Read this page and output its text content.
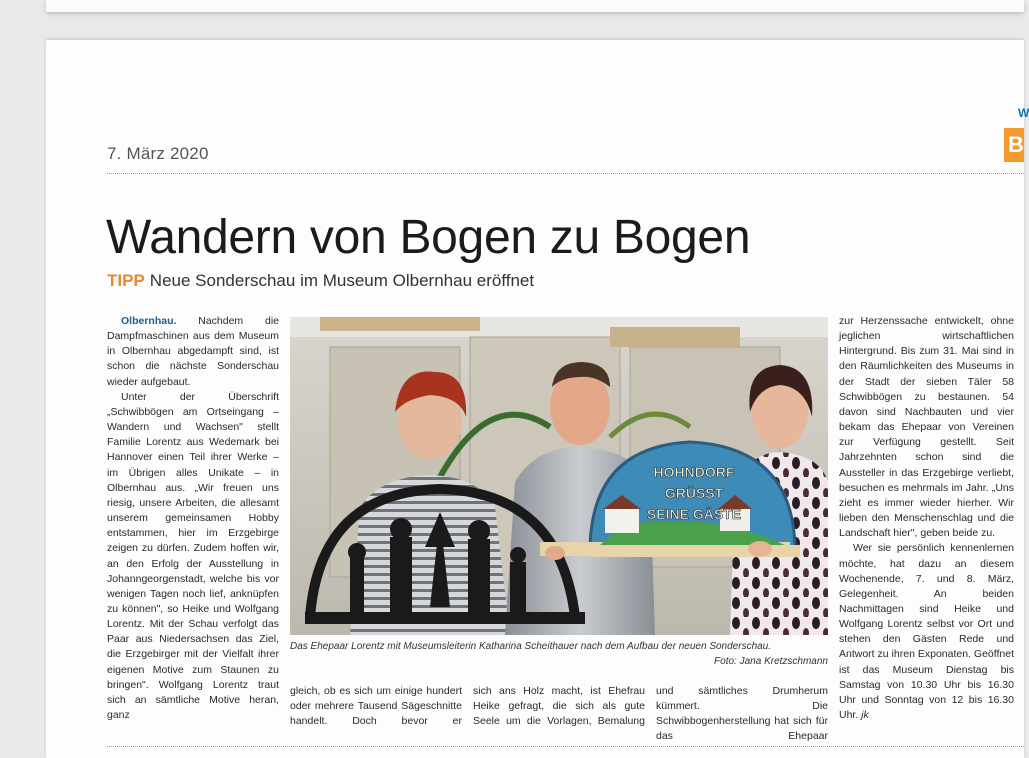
W
B
7. März 2020
Wandern von Bogen zu Bogen
TIPP Neue Sonderschau im Museum Olbernhau eröffnet

Olbernhau. Nachdem die Dampfmaschinen aus dem Museum in Olbernhau abgedampft sind, ist schon die nächste Sonderschau wieder aufgebaut.

Unter der Überschrift „Schwibbögen am Ortseingang – Wandern und Wachsen" stellt Familie Lorentz aus Wedemark bei Hannover einen Teil ihrer Werke – im Übrigen alles Unikate – in Olbernhau aus. „Wir freuen uns riesig, unsere Arbeiten, die allesamt unserem gemeinsamen Hobby entstammen, hier im Erzgebirge zeigen zu dürfen. Zudem hoffen wir, an den Erfolg der Ausstellung in Johanngeorgenstadt, welche bis vor wenigen Tagen noch lief, anknüpfen zu können", so Heike und Wolfgang Lorentz. Mit der Schau verfolgt das Paar aus Niedersachsen das Ziel, die Erzgebirger mit der Vielfalt ihrer eigenen Motive zum Staunen zu bringen". Wolfgang Lorentz traut sich an sämtliche Motive heran, ganz

HOHNDORF
GRÜSST
SEINE GÄSTE
Das Ehepaar Lorentz mit Museumsleiterin Katharina Scheithauer nach dem Aufbau der neuen Sonderschau.
Foto: Jana Kretzschmann
gleich, ob es sich um einige hundert oder mehrere Tausend Sägeschnitte handelt. Doch bevor er
sich ans Holz macht, ist Ehefrau Heike gefragt, die sich als gute Seele um die Vorlagen, Bemalung
und sämtliches Drumherum kümmert. Die Schwibbogenherstellung hat sich für das Ehepaar

zur Herzenssache entwickelt, ohne jeglichen wirtschaftlichen Hintergrund. Bis zum 31. Mai sind in den Räumlichkeiten des Museums in der Stadt der sieben Täler 58 Schwibbögen zu bestaunen. 54 davon sind Nachbauten und vier bekam das Ehepaar von Vereinen zur Verfügung gestellt. Seit Jahrzehnten schon sind die Aussteller in das Erzgebirge verliebt, besuchen es mehrmals im Jahr. „Uns zieht es immer wieder hierher. Wir lieben den Menschenschlag und die Landschaft hier", geben beide zu.

Wer sie persönlich kennenlernen möchte, hat dazu an diesem Wochenende, 7. und 8. März, Gelegenheit. An beiden Nachmittagen sind Heike und Wolfgang Lorentz selbst vor Ort und stehen den Gästen Rede und Antwort zu ihren Exponaten. Geöffnet ist das Museum Dienstag bis Samstag von 10.30 Uhr bis 16.30 Uhr und Sonntag von 12 bis 16.30 Uhr. jk
